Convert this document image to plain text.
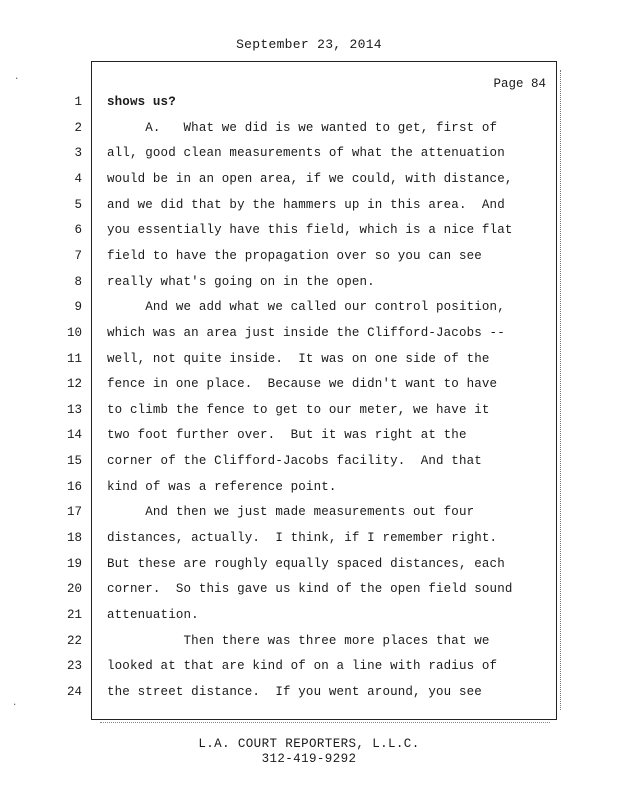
September 23, 2014
Page 84
1 shows us?
2 A.   What we did is we wanted to get, first of
3 all, good clean measurements of what the attenuation
4 would be in an open area, if we could, with distance,
5 and we did that by the hammers up in this area.  And
6 you essentially have this field, which is a nice flat
7 field to have the propagation over so you can see
8 really what's going on in the open.
9 And we add what we called our control position,
10 which was an area just inside the Clifford-Jacobs --
11 well, not quite inside.  It was on one side of the
12 fence in one place.  Because we didn't want to have
13 to climb the fence to get to our meter, we have it
14 two foot further over.  But it was right at the
15 corner of the Clifford-Jacobs facility.  And that
16 kind of was a reference point.
17 And then we just made measurements out four
18 distances, actually.  I think, if I remember right.
19 But these are roughly equally spaced distances, each
20 corner.  So this gave us kind of the open field sound
21 attenuation.
22 Then there was three more places that we
23 looked at that are kind of on a line with radius of
24 the street distance.  If you went around, you see
L.A. COURT REPORTERS, L.L.C.
312-419-9292
·
·
